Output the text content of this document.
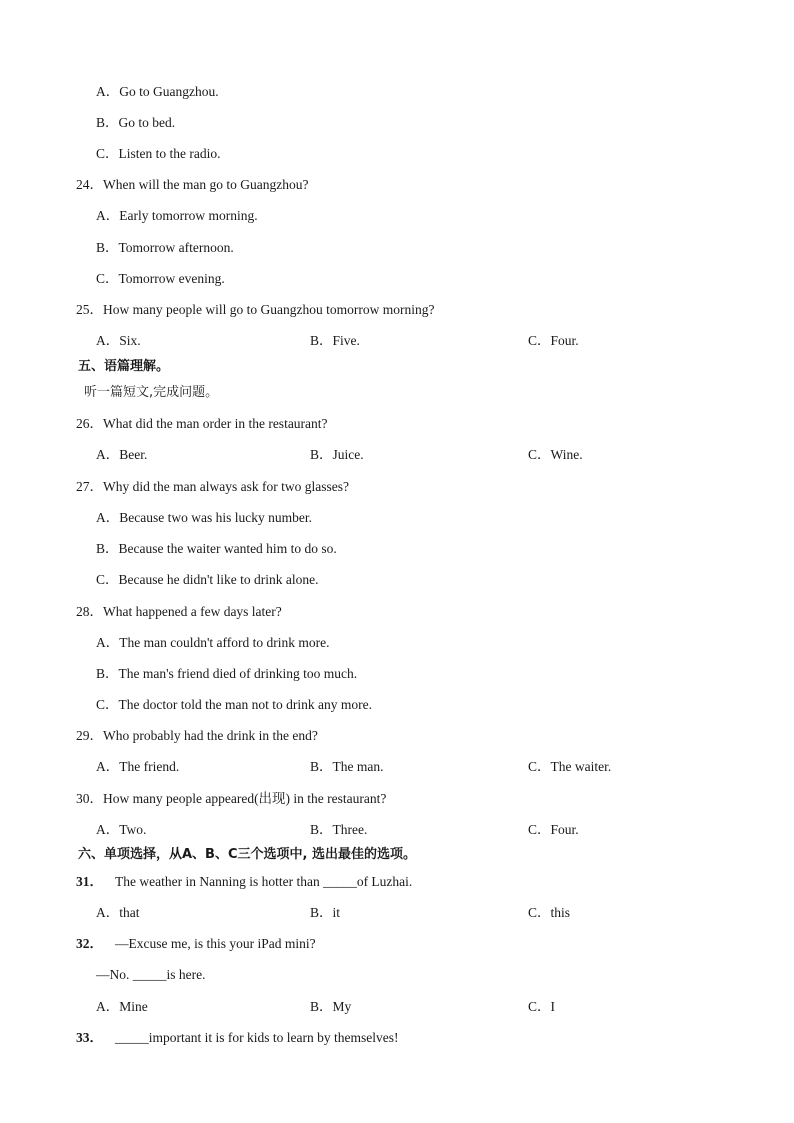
A．Go to Guangzhou.
B．Go to bed.
C．Listen to the radio.
24．When will the man go to Guangzhou?
A．Early tomorrow morning.
B．Tomorrow afternoon.
C．Tomorrow evening.
25．How many people will go to Guangzhou tomorrow morning?
A．Six.	B．Five.	C．Four.
五、语篇理解。
听一篇短文,完成问题。
26．What did the man order in the restaurant?
A．Beer.	B．Juice.	C．Wine.
27．Why did the man always ask for two glasses?
A．Because two was his lucky number.
B．Because the waiter wanted him to do so.
C．Because he didn't like to drink alone.
28．What happened a few days later?
A．The man couldn't afford to drink more.
B．The man's friend died of drinking too much.
C．The doctor told the man not to drink any more.
29．Who probably had the drink in the end?
A．The friend.	B．The man.	C．The waiter.
30．How many people appeared(出现) in the restaurant?
A．Two.	B．Three.	C．Four.
六、单项选择，从A、B、C三个选项中, 选出最佳的选项。
31． The weather in Nanning is hotter than _____of Luzhai.
A．that	B．it	C．this
32． —Excuse me, is this your iPad mini?
—No. _____is here.
A．Mine	B．My	C．I
33． _____important it is for kids to learn by themselves!
